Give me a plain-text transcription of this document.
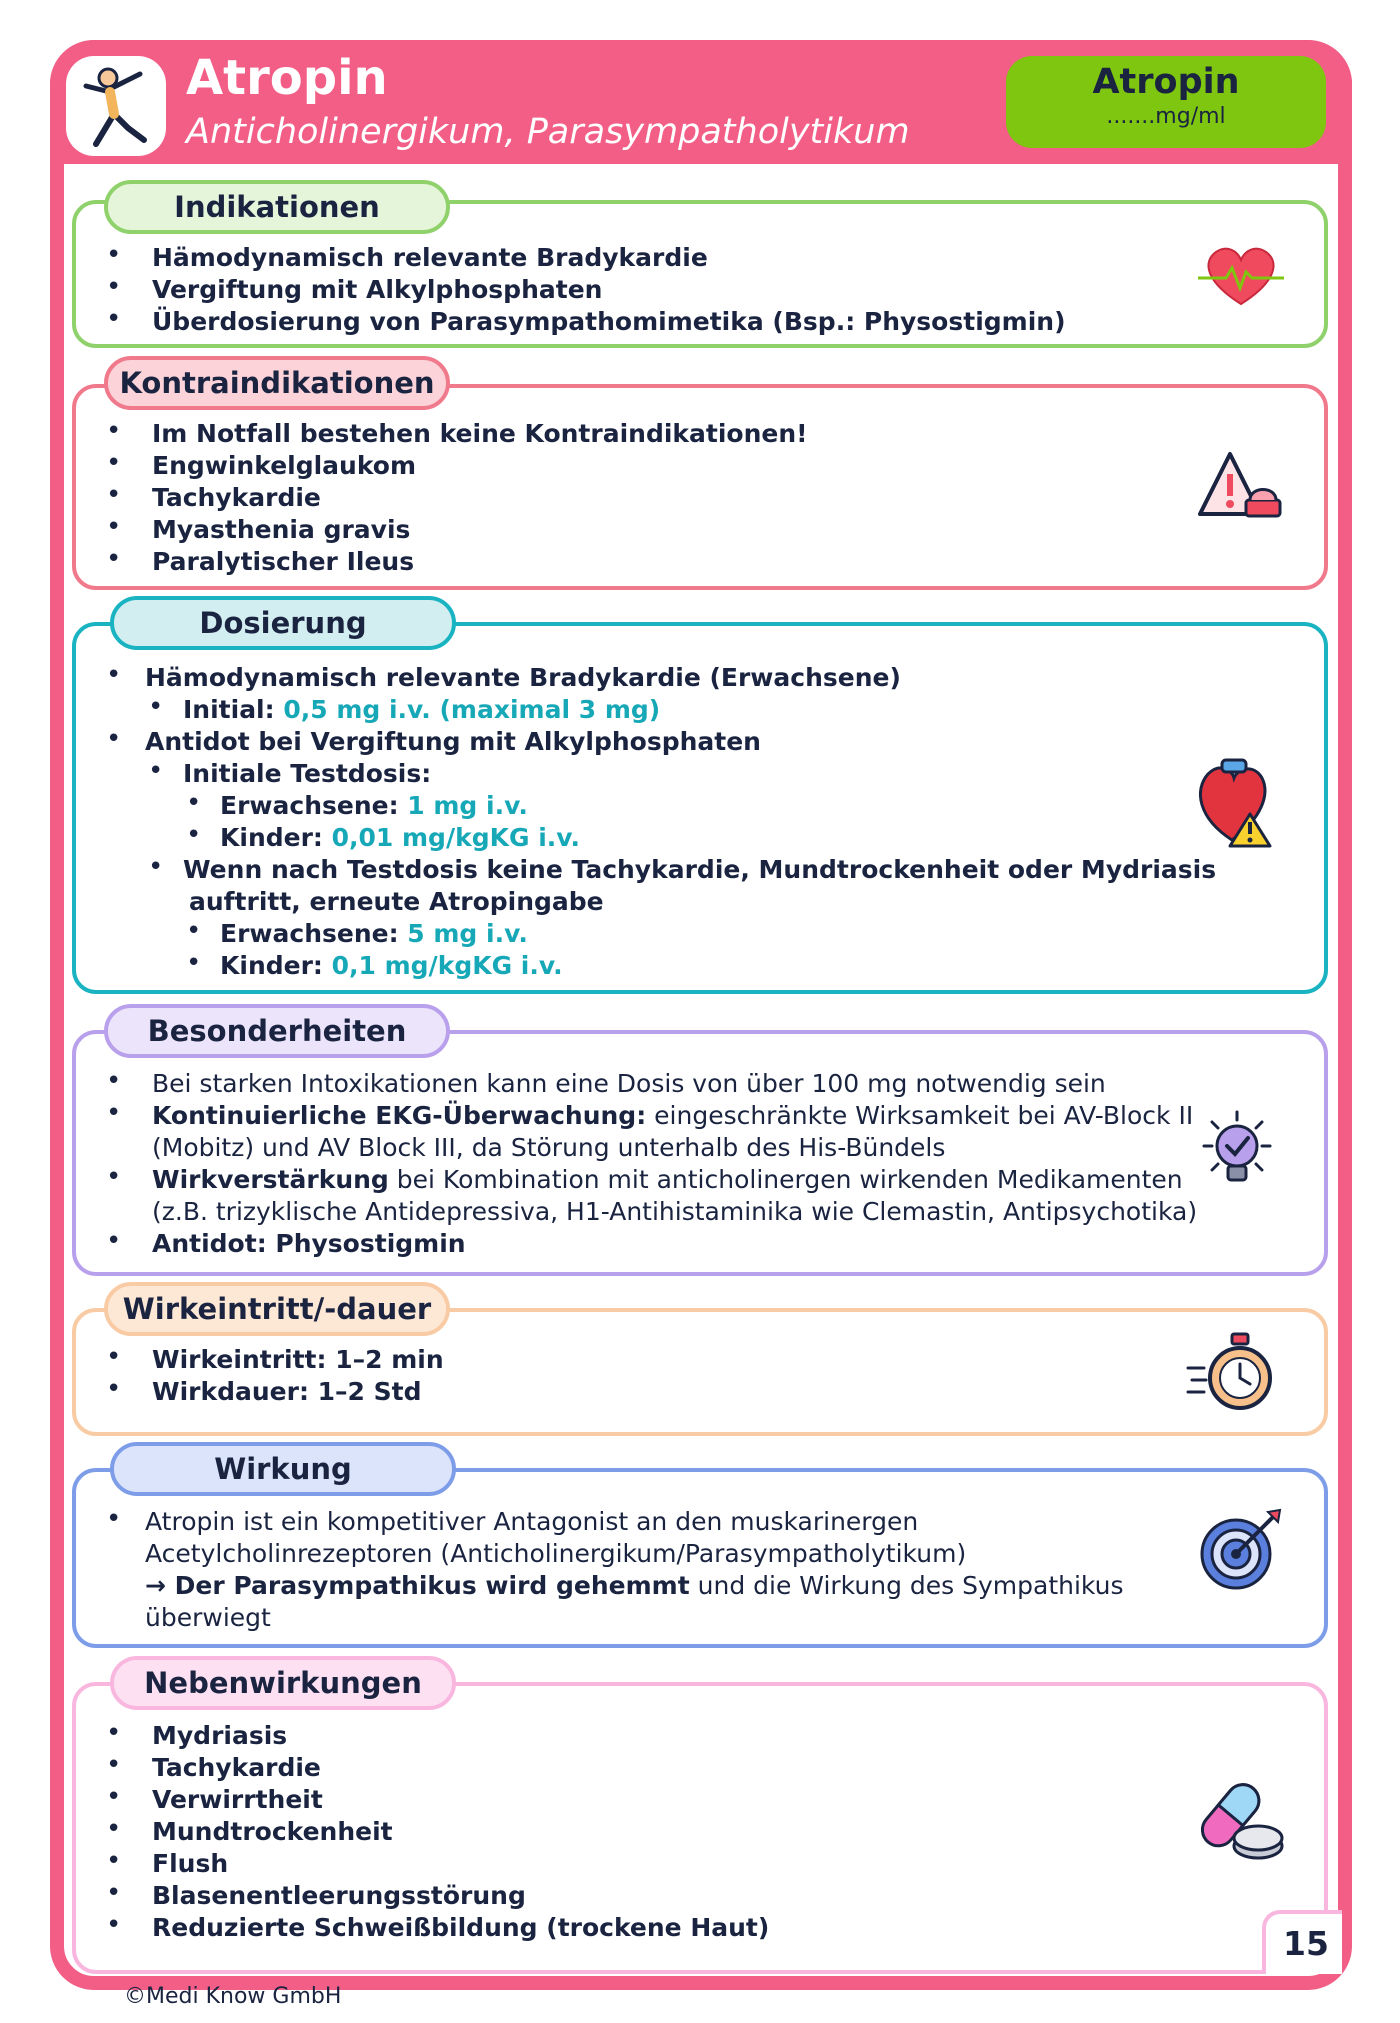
Atropin
Anticholinergikum, Parasympatholytikum
Atropin
.......mg/ml
Indikationen
• Hämodynamisch relevante Bradykardie
• Vergiftung mit Alkylphosphaten
• Überdosierung von Parasympathomimetika (Bsp.: Physostigmin)
Kontraindikationen
• Im Notfall bestehen keine Kontraindikationen!
• Engwinkelglaukom
• Tachykardie
• Myasthenia gravis
• Paralytischer Ileus
Dosierung
• Hämodynamisch relevante Bradykardie (Erwachsene)
• Initial: 0,5 mg i.v. (maximal 3 mg)
• Antidot bei Vergiftung mit Alkylphosphaten
• Initiale Testdosis:
• Erwachsene: 1 mg i.v.
• Kinder: 0,01 mg/kgKG i.v.
• Wenn nach Testdosis keine Tachykardie, Mundtrockenheit oder Mydriasis
auftritt, erneute Atropingabe
• Erwachsene: 5 mg i.v.
• Kinder: 0,1 mg/kgKG i.v.
Besonderheiten
• Bei starken Intoxikationen kann eine Dosis von über 100 mg notwendig sein
• Kontinuierliche EKG-Überwachung: eingeschränkte Wirksamkeit bei AV-Block II
(Mobitz) und AV Block III, da Störung unterhalb des His-Bündels
• Wirkverstärkung bei Kombination mit anticholinergen wirkenden Medikamenten
(z.B. trizyklische Antidepressiva, H1-Antihistaminika wie Clemastin, Antipsychotika)
• Antidot: Physostigmin
Wirkeintritt/-dauer
• Wirkeintritt: 1–2 min
• Wirkdauer: 1–2 Std
Wirkung
• Atropin ist ein kompetitiver Antagonist an den muskarinergen
Acetylcholinrezeptoren (Anticholinergikum/Parasympatholytikum)
→ Der Parasympathikus wird gehemmt und die Wirkung des Sympathikus
überwiegt
Nebenwirkungen
• Mydriasis
• Tachykardie
• Verwirrtheit
• Mundtrockenheit
• Flush
• Blasenentleerungsstörung
• Reduzierte Schweißbildung (trockene Haut)	15
©Medi Know GmbH
